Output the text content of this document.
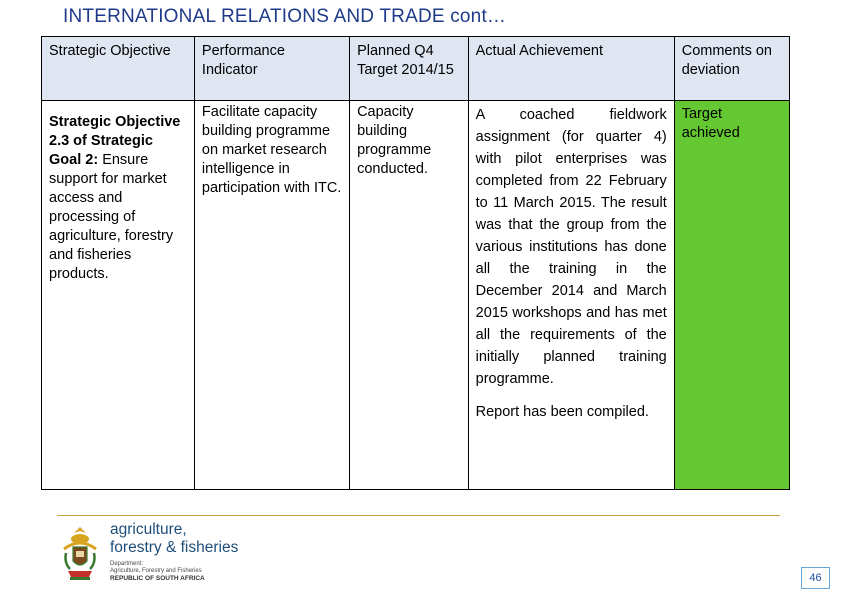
INTERNATIONAL RELATIONS AND TRADE cont…
Strategic Objective	Performance Indicator	Planned Q4 Target 2014/15	Actual Achievement	Comments on deviation
Strategic Objective 2.3 of Strategic Goal 2: Ensure support for market access and processing of agriculture, forestry and fisheries products.	Facilitate capacity building programme on market research intelligence in participation with ITC.	Capacity building programme conducted.	A coached fieldwork assignment (for quarter 4) with pilot enterprises was completed from 22 February to 11 March 2015. The result was that the group from the various institutions has done all the training in the December 2014 and March 2015 workshops and has met all the requirements of the initially planned training programme.

Report has been compiled.	Target achieved
agriculture,
forestry & fisheries
Department:
Agriculture, Forestry and Fisheries
REPUBLIC OF SOUTH AFRICA	46
